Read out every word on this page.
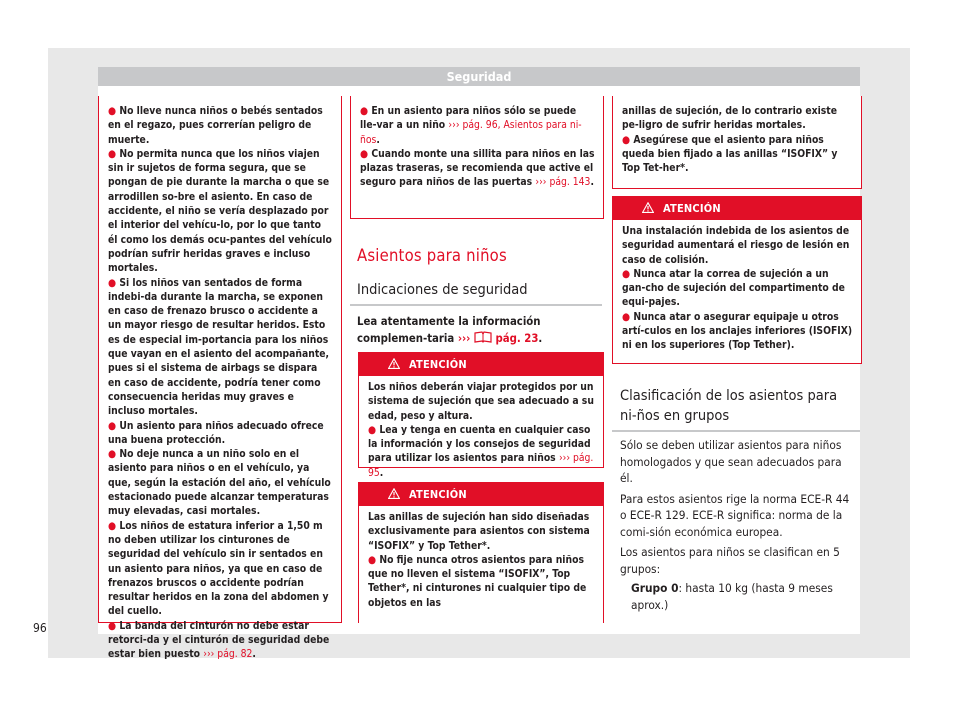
Seguridad

● No lleve nunca niños o bebés sentados en el regazo, pues correrían peligro de muerte.

● No permita nunca que los niños viajen sin ir sujetos de forma segura, que se pongan de pie durante la marcha o que se arrodillen so-bre el asiento. En caso de accidente, el niño se vería desplazado por el interior del vehícu-lo, por lo que tanto él como los demás ocu-pantes del vehículo podrían sufrir heridas graves e incluso mortales.

● Si los niños van sentados de forma indebi-da durante la marcha, se exponen en caso de frenazo brusco o accidente a un mayor riesgo de resultar heridos. Esto es de especial im-portancia para los niños que vayan en el asiento del acompañante, pues si el sistema de airbags se dispara en caso de accidente, podría tener como consecuencia heridas muy graves e incluso mortales.

● Un asiento para niños adecuado ofrece una buena protección.

● No deje nunca a un niño solo en el asiento para niños o en el vehículo, ya que, según la estación del año, el vehículo estacionado puede alcanzar temperaturas muy elevadas, casi mortales.

● Los niños de estatura inferior a 1,50 m no deben utilizar los cinturones de seguridad del vehículo sin ir sentados en un asiento para niños, ya que en caso de frenazos bruscos o accidente podrían resultar heridos en la zona del abdomen y del cuello.

● La banda del cinturón no debe estar retorci-da y el cinturón de seguridad debe estar bien puesto ››› pág. 82.

● En un asiento para niños sólo se puede lle-var a un niño ››› pág. 96, Asientos para ni-ños.

● Cuando monte una sillita para niños en las plazas traseras, se recomienda que active el seguro para niños de las puertas ››› pág. 143.

Asientos para niños
Indicaciones de seguridad
Lea atentamente la información complemen-taria ››› pág. 23.
ATENCIÓN

Los niños deberán viajar protegidos por un sistema de sujeción que sea adecuado a su edad, peso y altura.

● Lea y tenga en cuenta en cualquier caso la información y los consejos de seguridad para utilizar los asientos para niños ››› pág. 95.

ATENCIÓN

Las anillas de sujeción han sido diseñadas exclusivamente para asientos con sistema “ISOFIX” y Top Tether*.

● No fije nunca otros asientos para niños que no lleven el sistema “ISOFIX”, Top Tether*, ni cinturones ni cualquier tipo de objetos en las

anillas de sujeción, de lo contrario existe pe-ligro de sufrir heridas mortales.

● Asegúrese que el asiento para niños queda bien fijado a las anillas “ISOFIX” y Top Tet-her*.

ATENCIÓN

Una instalación indebida de los asientos de seguridad aumentará el riesgo de lesión en caso de colisión.

● Nunca atar la correa de sujeción a un gan-cho de sujeción del compartimento de equi-pajes.

● Nunca atar o asegurar equipaje u otros artí-culos en los anclajes inferiores (ISOFIX) ni en los superiores (Top Tether).

Clasificación de los asientos para ni-ños en grupos

Sólo se deben utilizar asientos para niños homologados y que sean adecuados para él.

Para estos asientos rige la norma ECE-R 44 o ECE-R 129. ECE-R significa: norma de la comi-sión económica europea.

Los asientos para niños se clasifican en 5 grupos:

Grupo 0: hasta 10 kg (hasta 9 meses aprox.)

96
